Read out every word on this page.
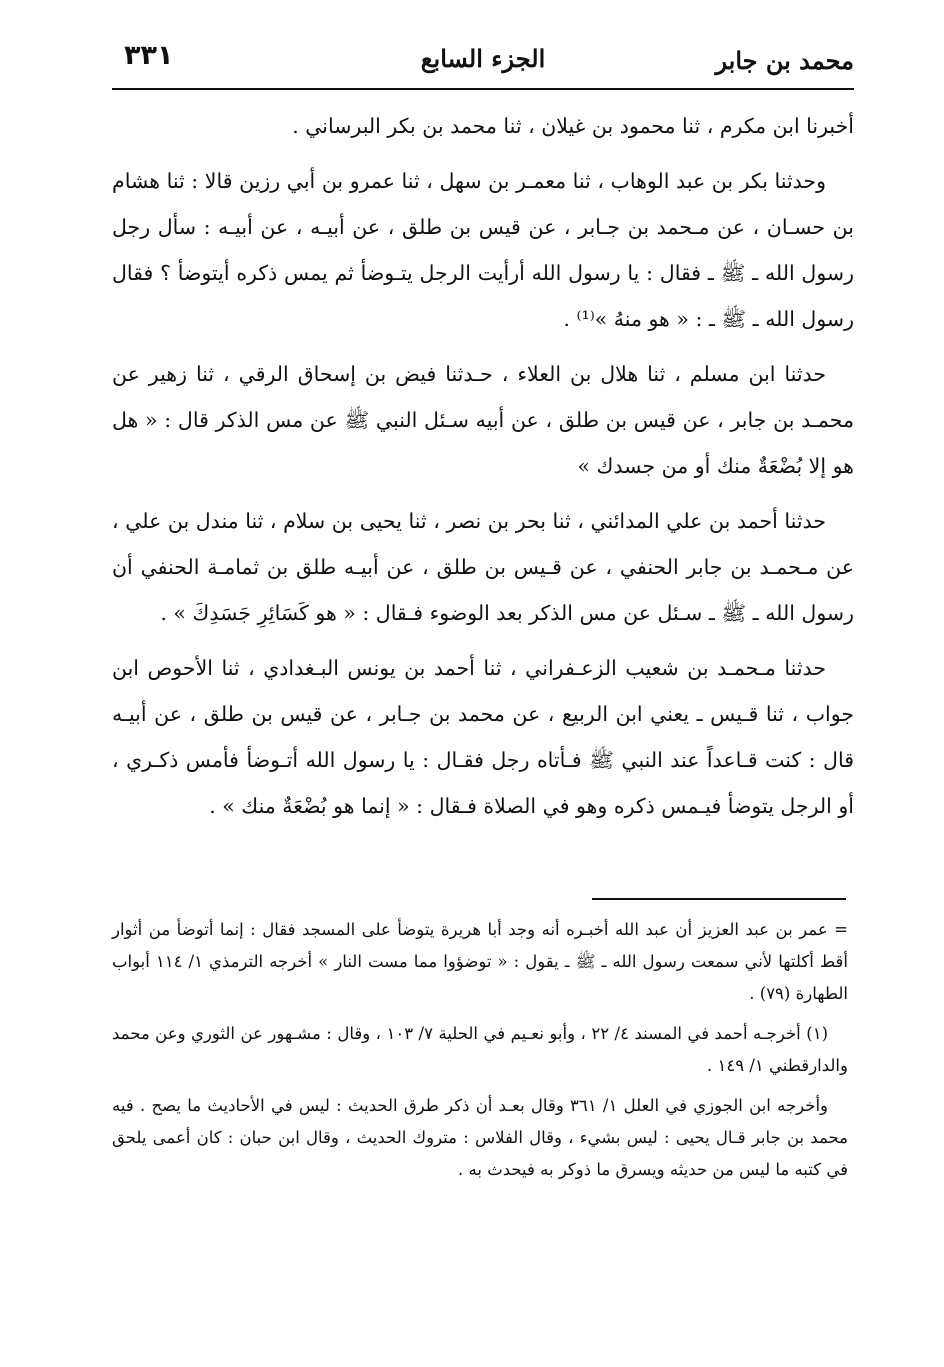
٣٣١	الجزء السابع	محمد بن جابر

أخبرنا ابن مكرم ، ثنا محمود بن غيلان ، ثنا محمد بن بكر البرساني .

وحدثنا بكر بن عبد الوهاب ، ثنا معمـر بن سهل ، ثنا عمرو بن أبي رزين قالا : ثنا هشام بن حسـان ، عن مـحمد بن جـابر ، عن قيس بن طلق ، عن أبيـه ، عن أبيـه : سأل رجل رسول الله ـ ﷺ ـ فقال : يا رسول الله أرأيت الرجل يتـوضأ ثم يمس ذكره أيتوضأ ؟ فقال رسول الله ـ ﷺ ـ : « هو منهُ »⁽¹⁾ .

حدثنا ابن مسلم ، ثنا هلال بن العلاء ، حـدثنا فيض بن إسحاق الرقي ، ثنا زهير عن محمـد بن جابر ، عن قيس بن طلق ، عن أبيه سـئل النبي ﷺ عن مس الذكر قال : « هل هو إلا بُضْعَةٌ منك أو من جسدك »

حدثنا أحمد بن علي المدائني ، ثنا بحر بن نصر ، ثنا يحيى بن سلام ، ثنا مندل بن علي ، عن مـحمـد بن جابر الحنفي ، عن قـيس بن طلق ، عن أبيـه طلق بن ثمامـة الحنفي أن رسول الله ـ ﷺ ـ سـئل عن مس الذكر بعد الوضوء فـقال : « هو كَسَائِرِ جَسَدِكَ » .

حدثنا مـحمـد بن شعيب الزعـفراني ، ثنا أحمد بن يونس البـغدادي ، ثنا الأحوص ابن جواب ، ثنا قـيس ـ يعني ابن الربيع ، عن محمد بن جـابر ، عن قيس بن طلق ، عن أبيـه قال : كنت قـاعداً عند النبي ﷺ فـأتاه رجل فقـال : يا رسول الله أتـوضأ فأمس ذكـري ، أو الرجل يتوضأ فيـمس ذكره وهو في الصلاة فـقال : « إنما هو بُضْعَةٌ منك » .

= عمر بن عبد العزيز أن عبد الله أخبـره أنه وجد أبا هريرة يتوضأ على المسجد فقال : إنما أتوضأ من أثوار أقط أكلتها لأني سمعت رسول الله ـ ﷺ ـ يقول : « توضؤوا مما مست النار » أخرجه الترمذي ١/ ١١٤ أبواب الطهارة (٧٩) .

(١) أخرجـه أحمد في المسند ٤/ ٢٢ ، وأبو نعـيم في الحلية ٧/ ١٠٣ ، وقال : مشـهور عن الثوري وعن محمد والدارقطني ١/ ١٤٩ .

وأخرجه ابن الجوزي في العلل ١/ ٣٦١ وقال بعـد أن ذكر طرق الحديث : ليس في الأحاديث ما يصح . فيه محمد بن جابر قـال يحيى : ليس بشيء ، وقال الفلاس : متروك الحديث ، وقال ابن حبان : كان أعمى يلحق في كتبه ما ليس من حديثه ويسرق ما ذوكر به فيحدث به .
